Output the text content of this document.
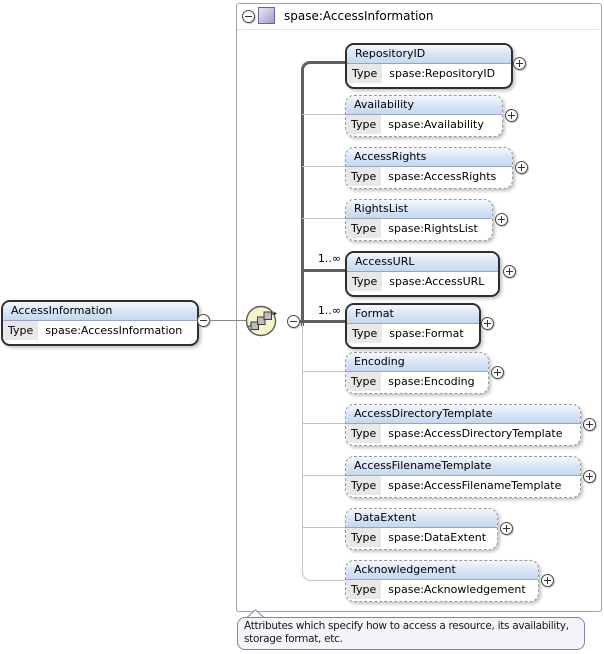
spase:AccessInformation
AccessInformation
Type	spase:AccessInformation
1..∞
1..∞
RepositoryID
Type	spase:RepositoryID
Availability
Type	spase:Availability
AccessRights
Type	spase:AccessRights
RightsList
Type	spase:RightsList
AccessURL
Type	spase:AccessURL
Format
Type	spase:Format
Encoding
Type	spase:Encoding
AccessDirectoryTemplate
Type	spase:AccessDirectoryTemplate
AccessFilenameTemplate
Type	spase:AccessFilenameTemplate
DataExtent
Type	spase:DataExtent
Acknowledgement
Type	spase:Acknowledgement
Attributes which specify how to access a resource, its availability, storage format, etc.
